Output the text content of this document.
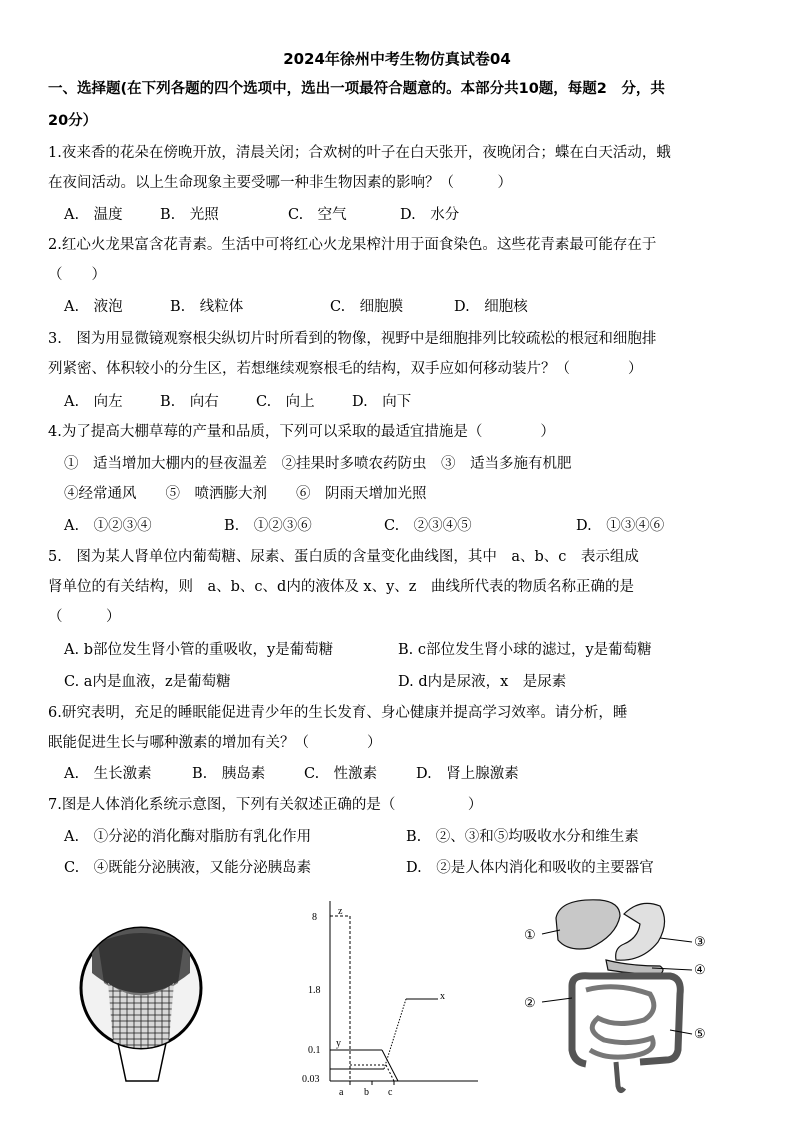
2024年徐州中考生物仿真试卷04
一、选择题(在下列各题的四个选项中，选出一项最符合题意的。本部分共10题，每题2　分，共
20分）
1.夜来香的花朵在傍晚开放，清晨关闭；合欢树的叶子在白天张开，夜晚闭合；蝶在白天活动，蛾
在夜间活动。以上生命现象主要受哪一种非生物因素的影响？（　　　）
A.　温度	B.　光照	C.　空气	D.　水分
2.红心火龙果富含花青素。生活中可将红心火龙果榨汁用于面食染色。这些花青素最可能存在于
（　　）
A.　液泡	B.　线粒体	C.　细胞膜	D.　细胞核
3.　图为用显微镜观察根尖纵切片时所看到的物像，视野中是细胞排列比较疏松的根冠和细胞排
列紧密、体积较小的分生区，若想继续观察根毛的结构，双手应如何移动装片？（　　　　）
A.　向左	B.　向右	C.　向上	D.　向下
4.为了提高大棚草莓的产量和品质，下列可以采取的最适宜措施是（　　　　）
①　适当增加大棚内的昼夜温差　②挂果时多喷农药防虫　③　适当多施有机肥
④经常通风　　⑤　喷洒膨大剂　　⑥　阴雨天增加光照
A.　①②③④	B.　①②③⑥	C.　②③④⑤	D.　①③④⑥
5.　图为某人肾单位内葡萄糖、尿素、蛋白质的含量变化曲线图，其中　a、b、c　表示组成
肾单位的有关结构，则　a、b、c、d内的液体及 x、y、z　曲线所代表的物质名称正确的是
（　　　）
A. b部位发生肾小管的重吸收，y是葡萄糖	B. c部位发生肾小球的滤过，y是葡萄糖
C. a内是血液，z是葡萄糖	D. d内是尿液，x　是尿素
6.研究表明，充足的睡眠能促进青少年的生长发育、身心健康并提高学习效率。请分析，睡
眠能促进生长与哪种激素的增加有关？（　　　　）
A.　生长激素	B.　胰岛素	C.　性激素	D.　肾上腺激素
7.图是人体消化系统示意图，下列有关叙述正确的是（　　　　　）
A.　①分泌的消化酶对脂肪有乳化作用	B.　②、③和⑤均吸收水分和维生素
C.　④既能分泌胰液，又能分泌胰岛素	D.　②是人体内消化和吸收的主要器官
8
1.8
0.1
0.03
a b c
z
x
y
①
②
③
④
⑤
